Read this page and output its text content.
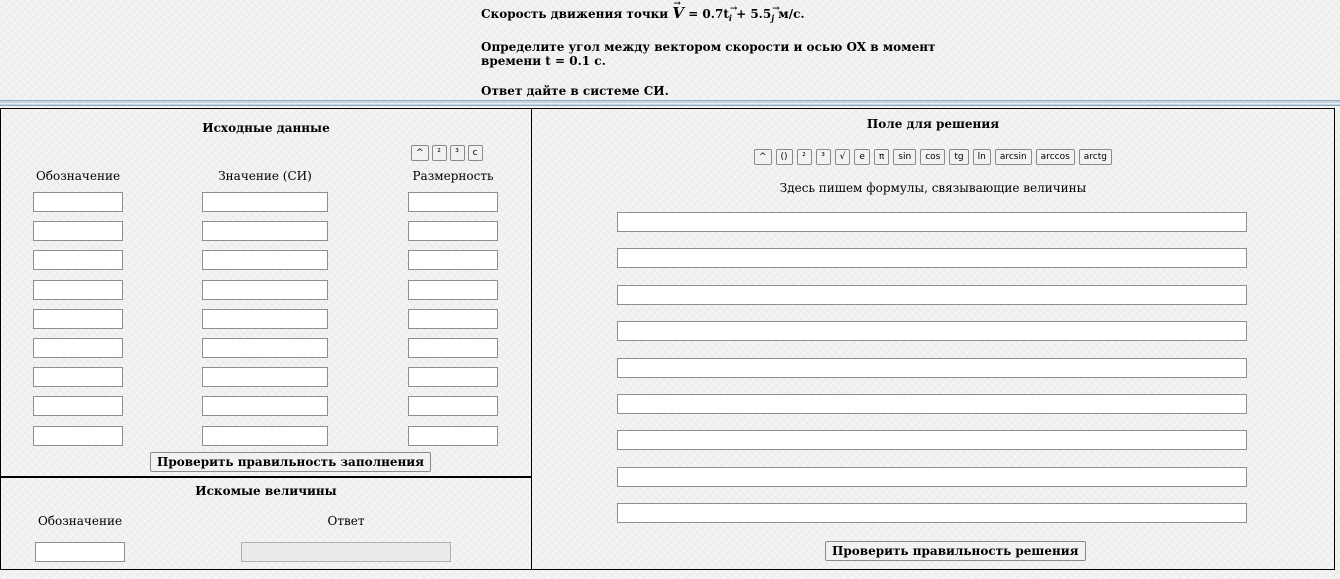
Скорость движения точки → V = 0.7t→ i + 5.5→ j м/с.

Определите угол между вектором скорости и осью OX в момент времени t = 0.1 с.

Ответ дайте в системе СИ.

Исходные данные
^ ² ³ c
Обозначение	Значение (СИ)	Размерность
Проверить правильность заполнения
Искомые величины
Обозначение	Ответ
Поле для решения
^ () ² ³ √ e π sin cos tg ln arcsin arccos arctg
Здесь пишем формулы, связывающие величины
Проверить правильность решения
